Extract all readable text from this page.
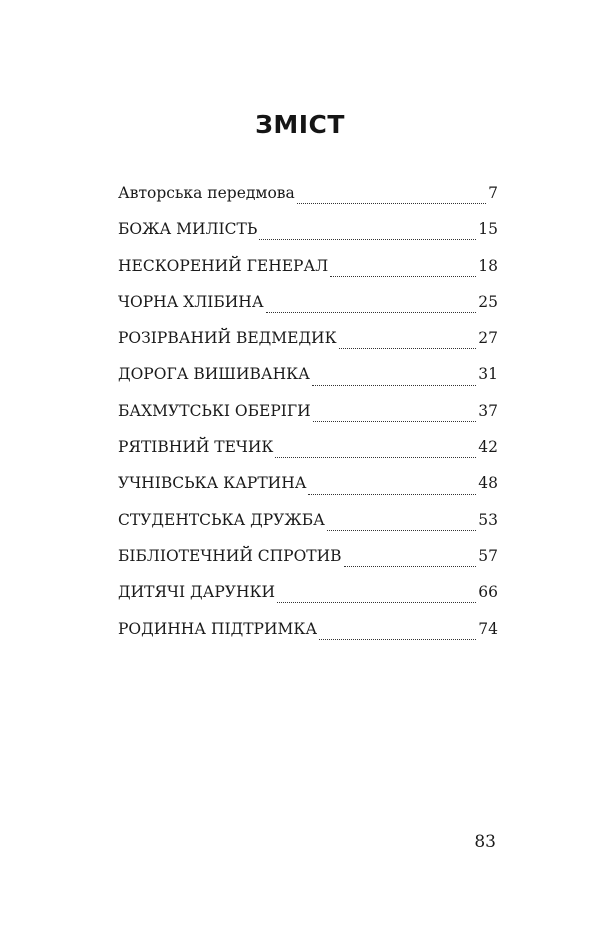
ЗМІСТ
Авторська передмова	7
БОЖА МИЛІСТЬ	15
НЕСКОРЕНИЙ ГЕНЕРАЛ	18
ЧОРНА ХЛІБИНА	25
РОЗІРВАНИЙ ВЕДМЕДИК	27
ДОРОГА ВИШИВАНКА	31
БАХМУТСЬКІ ОБЕРІГИ	37
РЯТІВНИЙ ТЕЧИК	42
УЧНІВСЬКА КАРТИНА	48
СТУДЕНТСЬКА ДРУЖБА	53
БІБЛІОТЕЧНИЙ СПРОТИВ	57
ДИТЯЧІ ДАРУНКИ	66
РОДИННА ПІДТРИМКА	74
83
